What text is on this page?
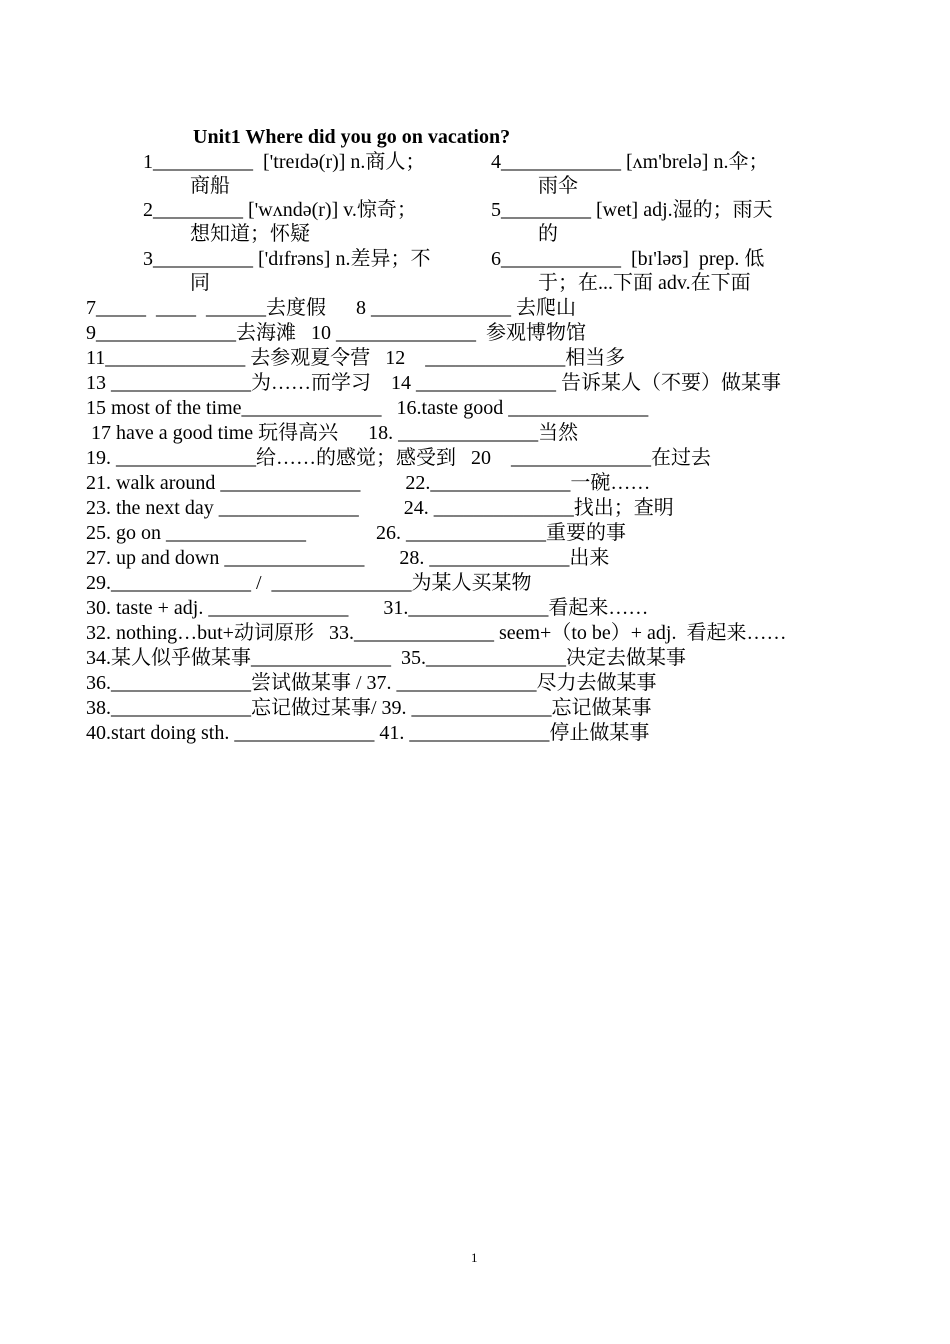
Unit1 Where did you go on vacation?
1__________  ['treɪdə(r)] n.商人；
商船
4____________ [ʌm'brelə] n.伞；
雨伞
2_________ ['wʌndə(r)] v.惊奇；
想知道；怀疑
5_________ [wet] adj.湿的；雨天
的
3__________ ['dɪfrəns] n.差异；不
同
6____________  [bɪ'ləʊ]  prep. 低
于；在...下面 adv.在下面
7_____  ____  ______去度假      8 ______________ 去爬山
9______________去海滩   10 ______________  参观博物馆
11______________ 去参观夏令营   12    ______________相当多
13 ______________为……而学习    14 ______________ 告诉某人（不要）做某事
15 most of the time______________   16.taste good ______________
17 have a good time 玩得高兴      18. ______________当然
19. ______________给……的感觉；感受到   20    ______________在过去
21. walk around ______________         22.______________一碗……
23. the next day ______________         24. ______________找出；查明
25. go on ______________              26. ______________重要的事
27. up and down ______________       28. ______________出来
29.______________ /  ______________为某人买某物
30. taste + adj. ______________       31.______________看起来……
32. nothing…but+动词原形   33.______________ seem+（to be）+ adj.  看起来……
34.某人似乎做某事______________  35.______________决定去做某事
36.______________尝试做某事 / 37. ______________尽力去做某事
38.______________忘记做过某事/ 39. ______________忘记做某事
40.start doing sth. ______________ 41. ______________停止做某事
1
